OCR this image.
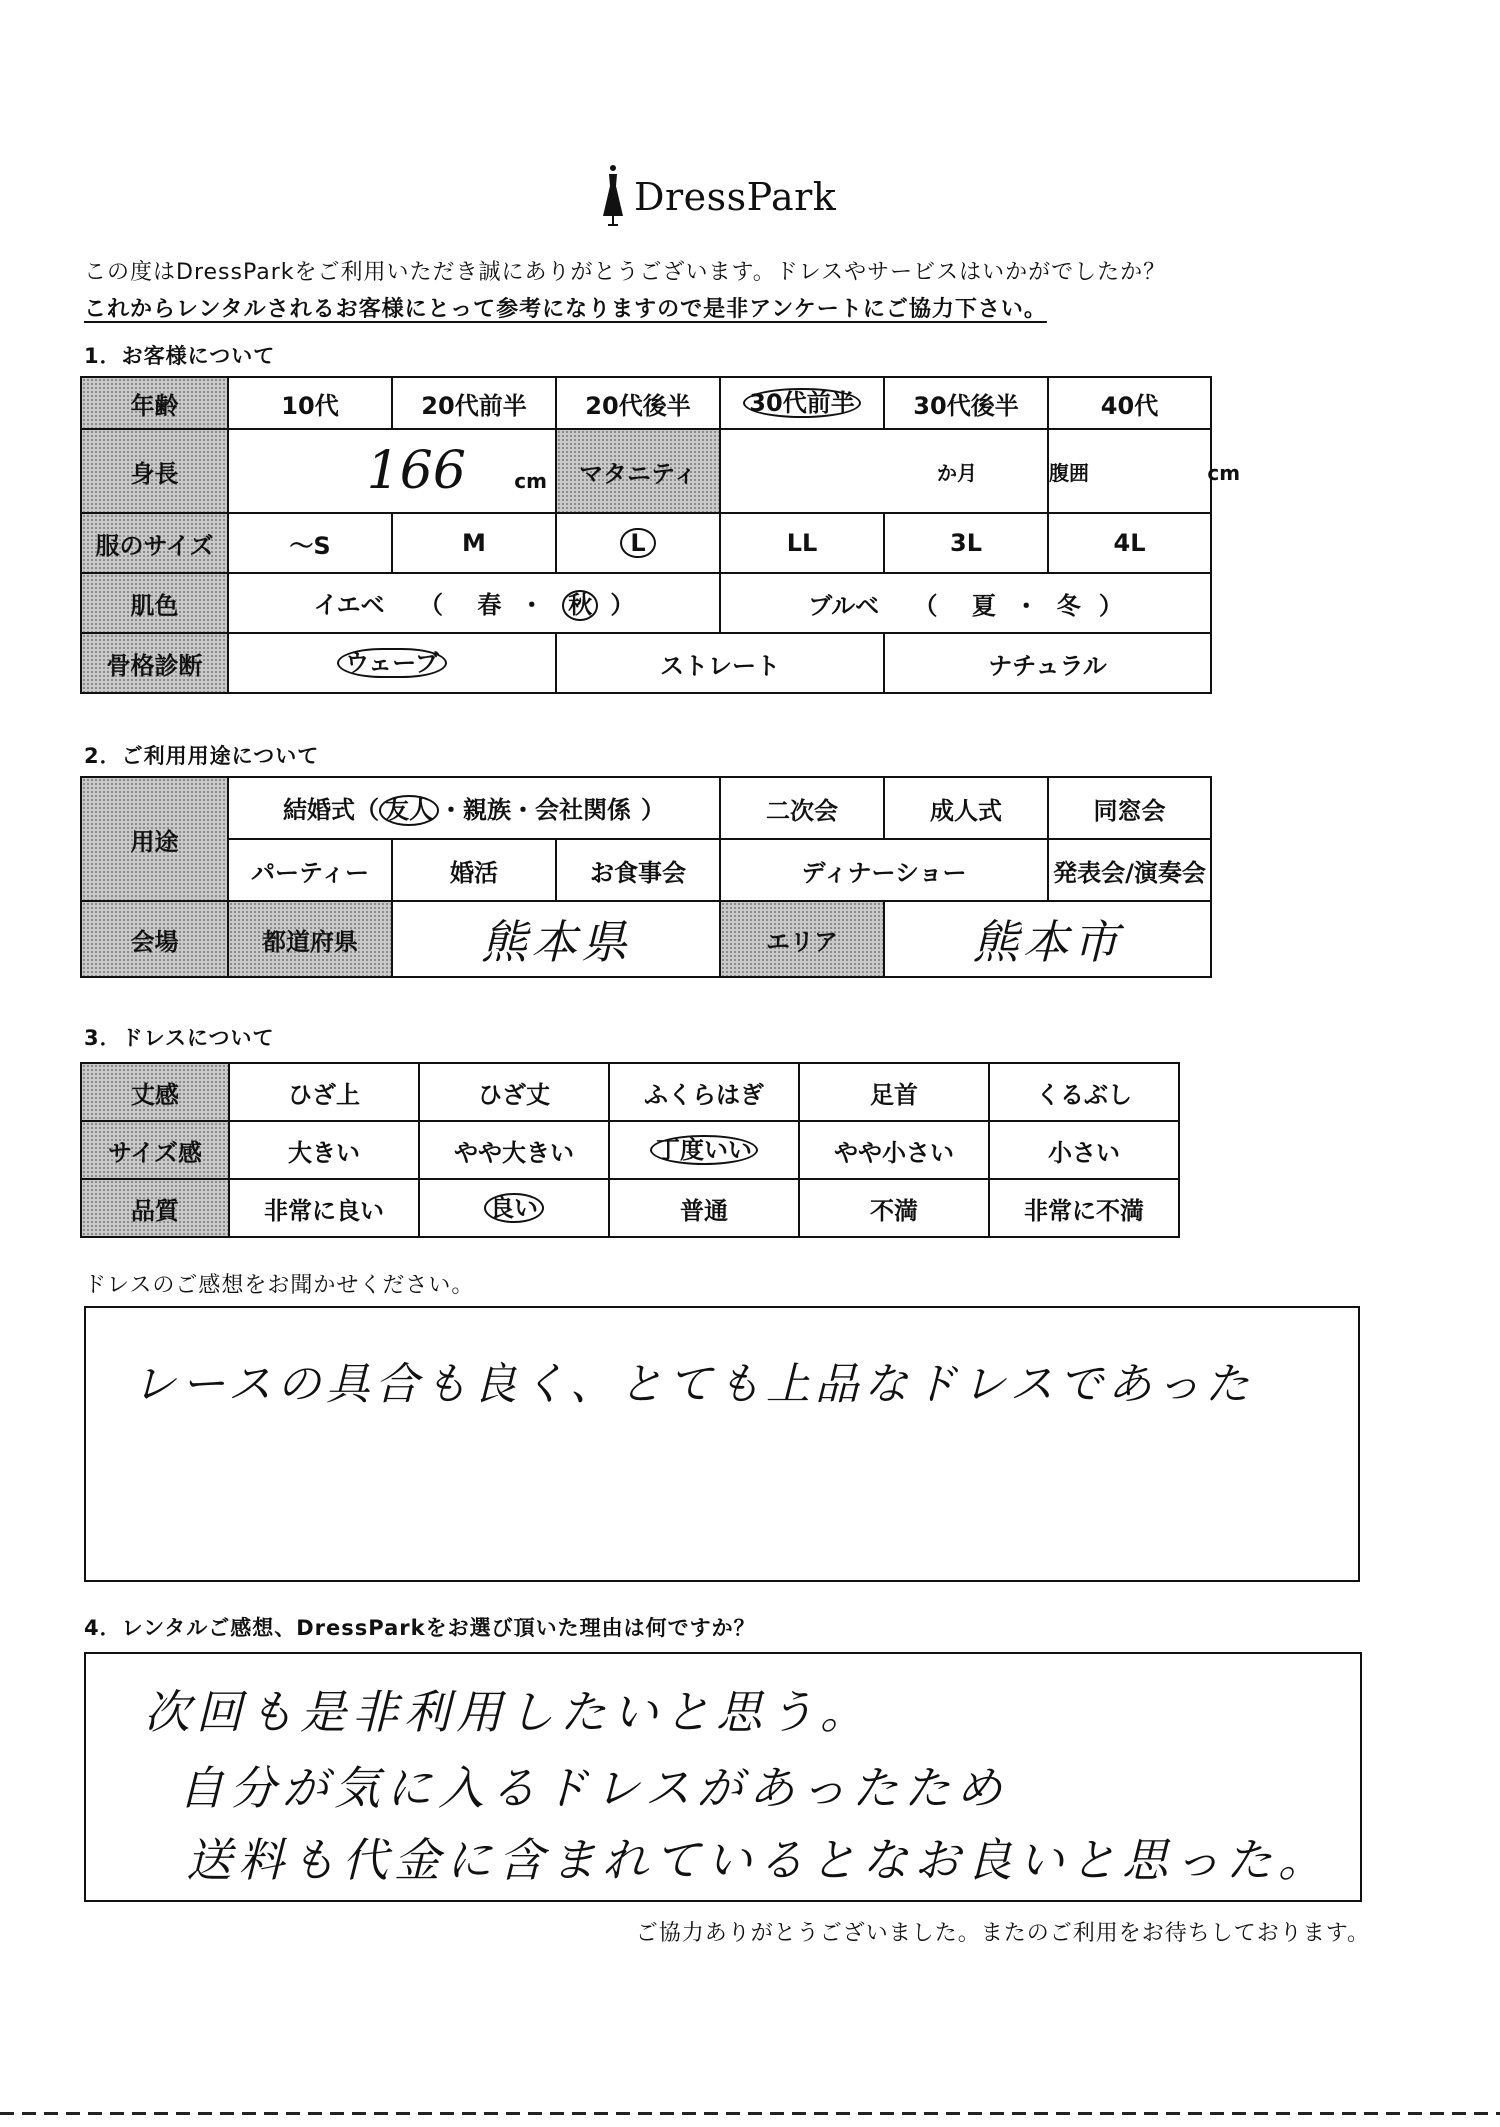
DressPark
この度はDressParkをご利用いただき誠にありがとうございます。ドレスやサービスはいかがでしたか？
これからレンタルされるお客様にとって参考になりますので是非アンケートにご協力下さい。
1．お客様について
年齢	10代	20代前半	20代後半	30代前半	30代後半	40代	
身長	166 cm		マタニティ	か月		腹囲 cm	
服のサイズ	～S	M	L	LL	3L	4L	
肌色	イエベ （ 春 ・ 秋 ）			ブルベ （ 夏 ・ 冬 ）			
骨格診断	ウェーブ		ストレート		ナチュラル		
2．ご利用用途について
用途	結婚式（ 友人 ・親族・会社関係 ）			二次会	成人式	同窓会	
	パーティー	婚活	お食事会	ディナーショー		発表会/演奏会	
会場	都道府県	熊本県		エリア	熊本市		
3．ドレスについて
丈感	ひざ上	ひざ丈	ふくらはぎ	足首	くるぶし
サイズ感	大きい	やや大きい	丁度いい	やや小さい	小さい
品質	非常に良い	良い	普通	不満	非常に不満
ドレスのご感想をお聞かせください。
レースの具合も良く、とても上品なドレスであった
4．レンタルご感想、DressParkをお選び頂いた理由は何ですか？
次回も是非利用したいと思う。
自分が気に入るドレスがあったため
送料も代金に含まれているとなお良いと思った。
ご協力ありがとうございました。またのご利用をお待ちしております。
